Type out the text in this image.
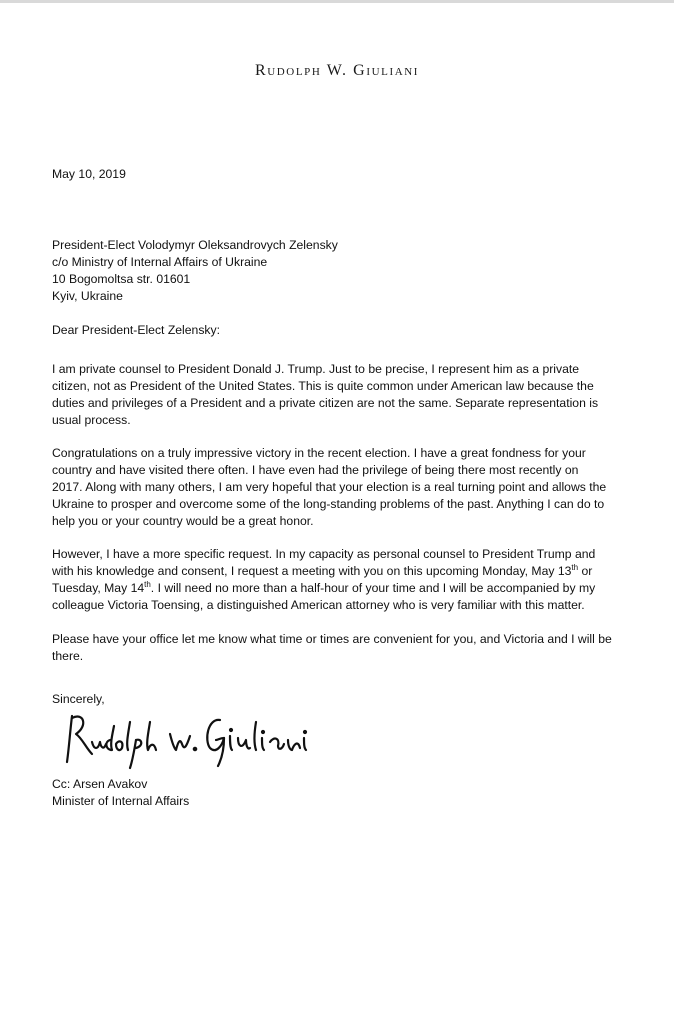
Rudolph W. Giuliani
May 10, 2019
President-Elect Volodymyr Oleksandrovych Zelensky
c/o Ministry of Internal Affairs of Ukraine
10 Bogomoltsa str. 01601
Kyiv, Ukraine
Dear President-Elect Zelensky:
I am private counsel to President Donald J. Trump. Just to be precise, I represent him as a private
citizen, not as President of the United States. This is quite common under American law because the
duties and privileges of a President and a private citizen are not the same. Separate representation is
usual process.
Congratulations on a truly impressive victory in the recent election. I have a great fondness for your
country and have visited there often. I have even had the privilege of being there most recently on
2017. Along with many others, I am very hopeful that your election is a real turning point and allows the
Ukraine to prosper and overcome some of the long-standing problems of the past. Anything I can do to
help you or your country would be a great honor.
However, I have a more specific request. In my capacity as personal counsel to President Trump and
with his knowledge and consent, I request a meeting with you on this upcoming Monday, May 13th or
Tuesday, May 14th. I will need no more than a half-hour of your time and I will be accompanied by my
colleague Victoria Toensing, a distinguished American attorney who is very familiar with this matter.
Please have your office let me know what time or times are convenient for you, and Victoria and I will be
there.
Sincerely,
Cc: Arsen Avakov
Minister of Internal Affairs
